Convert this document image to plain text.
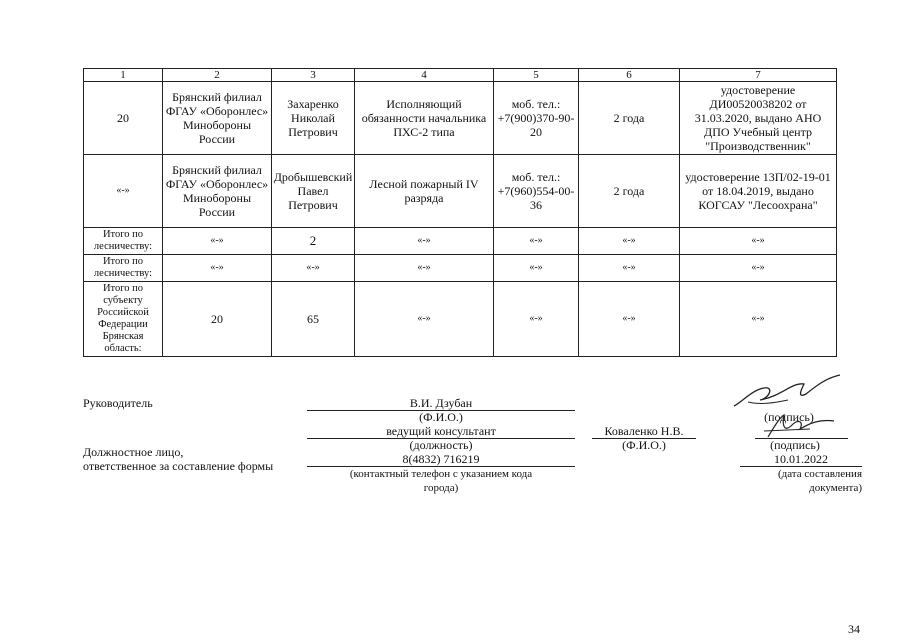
1	2	3	4	5	6	7
20	Брянский филиал ФГАУ «Оборонлес» Минобороны России	Захаренко Николай Петрович	Исполняющий обязанности начальника ПХС-2 типа	моб. тел.: +7(900)370-90-20	2 года	удостоверение ДИ00520038202 от 31.03.2020, выдано АНО ДПО Учебный центр "Производственник"
«-»	Брянский филиал ФГАУ «Оборонлес» Минобороны России	Дробышевский Павел Петрович	Лесной пожарный IV разряда	моб. тел.: +7(960)554-00-36	2 года	удостоверение 13П/02-19-01 от 18.04.2019, выдано КОГСАУ "Лесоохрана"
Итого по лесничеству:	«-»	2	«-»	«-»	«-»	«-»
Итого по лесничеству:	«-»	«-»	«-»	«-»	«-»	«-»
Итого по субъекту Российской Федерации Брянская область:	20	65	«-»	«-»	«-»	«-»
Руководитель	В.И. Дзубан
(Ф.И.О.)	(подпись)
ведущий консультант
(должность)
Коваленко Н.В.
(Ф.И.О.)	(подпись)
Должностное лицо,
ответственное за составление формы	8(4832) 716219
(контактный телефон с указанием кода
города)
10.01.2022
(дата составления
документа)
34
